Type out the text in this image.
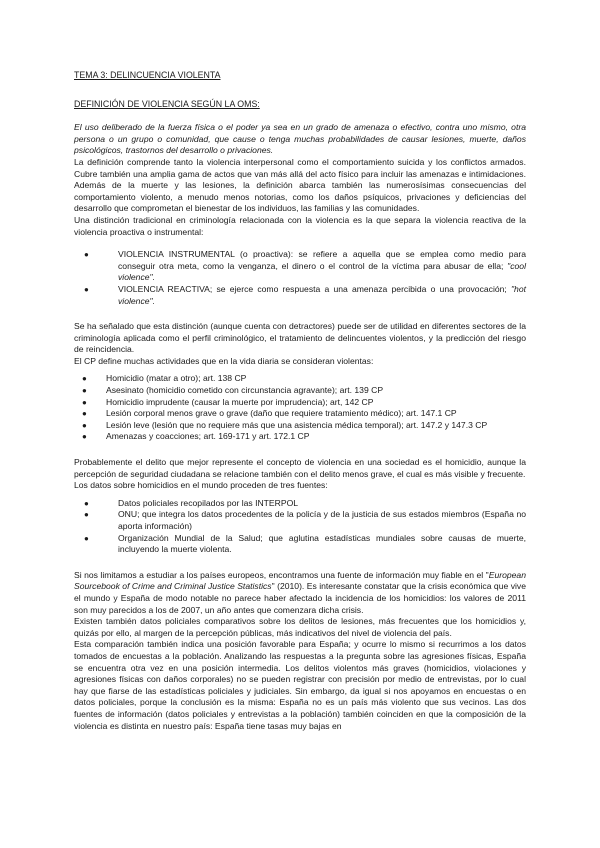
TEMA 3: DELINCUENCIA VIOLENTA

DEFINICIÓN DE VIOLENCIA SEGÚN LA OMS:

El uso deliberado de la fuerza física o el poder ya sea en un grado de amenaza o efectivo, contra uno mismo, otra persona o un grupo o comunidad, que cause o tenga muchas probabilidades de causar lesiones, muerte, daños psicológicos, trastornos del desarrollo o privaciones.

La definición comprende tanto la violencia interpersonal como el comportamiento suicida y los conflictos armados. Cubre también una amplia gama de actos que van más allá del acto físico para incluir las amenazas e intimidaciones. Además de la muerte y las lesiones, la definición abarca también las numerosísimas consecuencias del comportamiento violento, a menudo menos notorias, como los daños psíquicos, privaciones y deficiencias del desarrollo que comprometan el bienestar de los individuos, las familias y las comunidades.

Una distinción tradicional en criminología relacionada con la violencia es la que separa la violencia reactiva de la violencia proactiva o instrumental:

●	VIOLENCIA INSTRUMENTAL (o proactiva): se refiere a aquella que se emplea como medio para conseguir otra meta, como la venganza, el dinero o el control de la víctima para abusar de ella; "cool violence".
●	VIOLENCIA REACTIVA; se ejerce como respuesta a una amenaza percibida o una provocación; "hot violence".

Se ha señalado que esta distinción (aunque cuenta con detractores) puede ser de utilidad en diferentes sectores de la criminología aplicada como el perfil criminológico, el tratamiento de delincuentes violentos, y la predicción del riesgo de reincidencia.

El CP define muchas actividades que en la vida diaria se consideran violentas:

● Homicidio (matar a otro); art. 138 CP
● Asesinato (homicidio cometido con circunstancia agravante); art. 139 CP
● Homicidio imprudente (causar la muerte por imprudencia); art, 142 CP
● Lesión corporal menos grave o grave (daño que requiere tratamiento médico); art. 147.1 CP
● Lesión leve (lesión que no requiere más que una asistencia médica temporal); art. 147.2 y 147.3 CP
● Amenazas y coacciones; art. 169-171 y art. 172.1 CP

Probablemente el delito que mejor represente el concepto de violencia en una sociedad es el homicidio, aunque la percepción de seguridad ciudadana se relacione también con el delito menos grave, el cual es más visible y frecuente.

Los datos sobre homicidios en el mundo proceden de tres fuentes:

●	Datos policiales recopilados por las INTERPOL
●	ONU; que integra los datos procedentes de la policía y de la justicia de sus estados miembros (España no aporta información)
●	Organización Mundial de la Salud; que aglutina estadísticas mundiales sobre causas de muerte, incluyendo la muerte violenta.

Si nos limitamos a estudiar a los países europeos, encontramos una fuente de información muy fiable en el "European Sourcebook of Crime and Criminal Justice Statistics" (2010). Es interesante constatar que la crisis económica que vive el mundo y España de modo notable no parece haber afectado la incidencia de los homicidios: los valores de 2011 son muy parecidos a los de 2007, un año antes que comenzara dicha crisis.

Existen también datos policiales comparativos sobre los delitos de lesiones, más frecuentes que los homicidios y, quizás por ello, al margen de la percepción públicas, más indicativos del nivel de violencia del país.

Esta comparación también indica una posición favorable para España; y ocurre lo mismo si recurrimos a los datos tomados de encuestas a la población. Analizando las respuestas a la pregunta sobre las agresiones físicas, España se encuentra otra vez en una posición intermedia. Los delitos violentos más graves (homicidios, violaciones y agresiones físicas con daños corporales) no se pueden registrar con precisión por medio de entrevistas, por lo cual hay que fiarse de las estadísticas policiales y judiciales. Sin embargo, da igual si nos apoyamos en encuestas o en datos policiales, porque la conclusión es la misma: España no es un país más violento que sus vecinos. Las dos fuentes de información (datos policiales y entrevistas a la población) también coinciden en que la composición de la violencia es distinta en nuestro país: España tiene tasas muy bajas en
